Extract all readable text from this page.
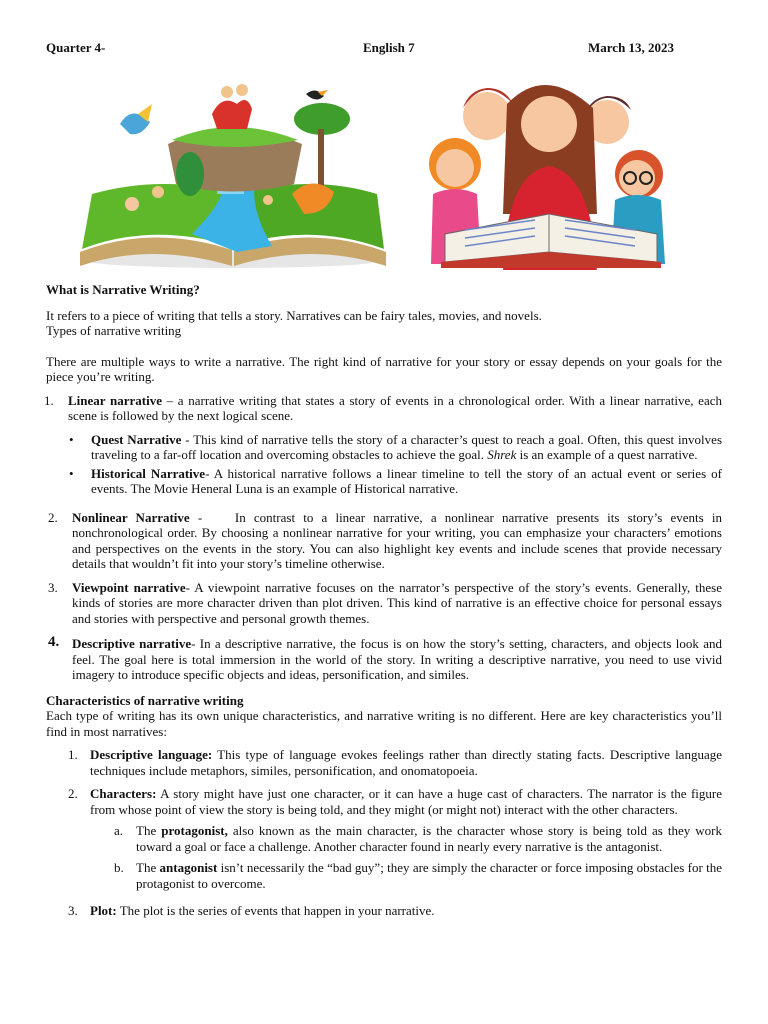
Quarter 4-	English 7	March 13, 2023

What is Narrative Writing?

It refers to a piece of writing that tells a story. Narratives can be fairy tales, movies, and novels.

Types of narrative writing

There are multiple ways to write a narrative. The right kind of narrative for your story or essay depends on your goals for the piece you’re writing.

1. Linear narrative – a narrative writing that states a story of events in a chronological order. With a linear narrative, each scene is followed by the next logical scene.
• Quest Narrative - This kind of narrative tells the story of a character’s quest to reach a goal. Often, this quest involves traveling to a far-off location and overcoming obstacles to achieve the goal. Shrek is an example of a quest narrative.
• Historical Narrative- A historical narrative follows a linear timeline to tell the story of an actual event or series of events. The Movie Heneral Luna is an example of Historical narrative.
2. Nonlinear Narrative -    In contrast to a linear narrative, a nonlinear narrative presents its story’s events in nonchronological order. By choosing a nonlinear narrative for your writing, you can emphasize your characters’ emotions and perspectives on the events in the story. You can also highlight key events and include scenes that provide necessary details that wouldn’t fit into your story’s timeline otherwise.
3. Viewpoint narrative- A viewpoint narrative focuses on the narrator’s perspective of the story’s events. Generally, these kinds of stories are more character driven than plot driven. This kind of narrative is an effective choice for personal essays and stories with perspective and personal growth themes.
4. Descriptive narrative- In a descriptive narrative, the focus is on how the story’s setting, characters, and objects look and feel. The goal here is total immersion in the world of the story. In writing a descriptive narrative, you need to use vivid imagery to introduce specific objects and ideas, personification, and similes.

Characteristics of narrative writing

Each type of writing has its own unique characteristics, and narrative writing is no different. Here are key characteristics you’ll find in most narratives:

1. Descriptive language: This type of language evokes feelings rather than directly stating facts. Descriptive language techniques include metaphors, similes, personification, and onomatopoeia.
2. Characters: A story might have just one character, or it can have a huge cast of characters. The narrator is the figure from whose point of view the story is being told, and they might (or might not) interact with the other characters.
a. The protagonist, also known as the main character, is the character whose story is being told as they work toward a goal or face a challenge. Another character found in nearly every narrative is the antagonist.
b. The antagonist isn’t necessarily the “bad guy”; they are simply the character or force imposing obstacles for the protagonist to overcome.
3. Plot: The plot is the series of events that happen in your narrative.
